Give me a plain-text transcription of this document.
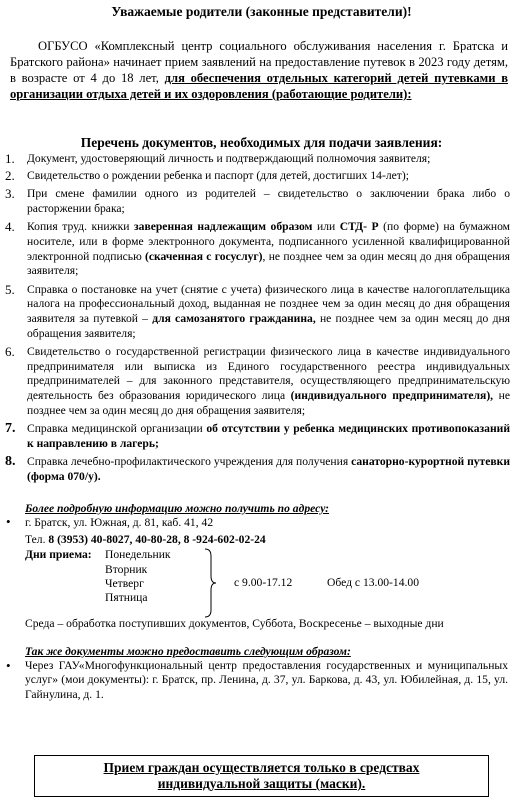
Уважаемые родители (законные представители)!
ОГБУСО «Комплексный центр социального обслуживания населения г. Братска и Братского района» начинает прием заявлений на предоставление путевок в 2023 году детям, в возрасте от 4 до 18 лет, для обеспечения отдельных категорий детей путевками в организации отдыха детей и их оздоровления (работающие родители):
Перечень документов, необходимых для подачи заявления:
1. Документ, удостоверяющий личность и подтверждающий полномочия заявителя;
2. Свидетельство о рождении ребенка и паспорт (для детей, достигших 14-лет);
3. При смене фамилии одного из родителей – свидетельство о заключении брака либо о расторжении брака;
4. Копия труд. книжки заверенная надлежащим образом или СТД- Р (по форме) на бумажном носителе, или в форме электронного документа, подписанного усиленной квалифицированной электронной подписью (скаченная с госуслуг), не позднее чем за один месяц до дня обращения заявителя;
5. Справка о постановке на учет (снятие с учета) физического лица в качестве налогоплательщика налога на профессиональный доход, выданная не позднее чем за один месяц до дня обращения заявителя за путевкой – для самозанятого гражданина, не позднее чем за один месяц до дня обращения заявителя;
6. Свидетельство о государственной регистрации физического лица в качестве индивидуального предпринимателя или выписка из Единого государственного реестра индивидуальных предпринимателей – для законного представителя, осуществляющего предпринимательскую деятельность без образования юридического лица (индивидуального предпринимателя), не позднее чем за один месяц до дня обращения заявителя;
7. Справка медицинской организации об отсутствии у ребенка медицинских противопоказаний к направлению в лагерь;
8. Справка лечебно-профилактического учреждения для получения санаторно-курортной путевки (форма 070/у).
Более подробную информацию можно получить по адресу:
• г. Братск, ул. Южная, д. 81, каб. 41, 42
Тел. 8 (3953) 40-8027, 40-80-28, 8 -924-602-02-24
Дни приема: Понедельник
Вторник
Четверг
Пятница
с 9.00-17.12	Обед с 13.00-14.00
Среда – обработка поступивших документов, Суббота, Воскресенье – выходные дни
Так же документы можно предоставить следующим образом:
• Через ГАУ«Многофункциональный центр предоставления государственных и муниципальных услуг» (мои документы): г. Братск, пр. Ленина, д. 37, ул. Баркова, д. 43, ул. Юбилейная, д. 15, ул. Гайнулина, д. 1.
Прием граждан осуществляется только в средствах индивидуальной защиты (маски).
